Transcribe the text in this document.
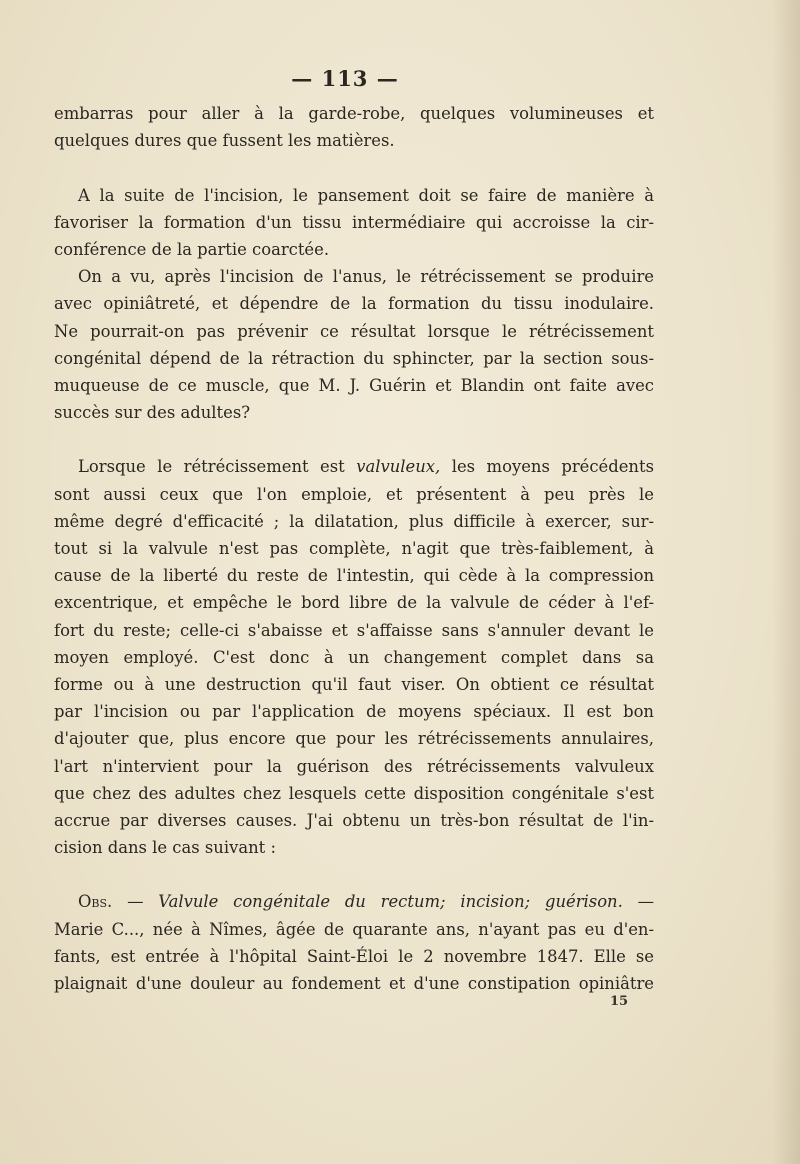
— 113 —
embarras pour aller à la garde-robe, quelques volumineuses et
quelques dures que fussent les matières.
A la suite de l'incision, le pansement doit se faire de manière à
favoriser la formation d'un tissu intermédiaire qui accroisse la cir-
conférence de la partie coarctée.
On a vu, après l'incision de l'anus, le rétrécissement se produire
avec opiniâtreté, et dépendre de la formation du tissu inodulaire.
Ne pourrait-on pas prévenir ce résultat lorsque le rétrécissement
congénital dépend de la rétraction du sphincter, par la section sous-
muqueuse de ce muscle, que M. J. Guérin et Blandin ont faite avec
succès sur des adultes?
Lorsque le rétrécissement est valvuleux, les moyens précédents
sont aussi ceux que l'on emploie, et présentent à peu près le
même degré d'efficacité ; la dilatation, plus difficile à exercer, sur-
tout si la valvule n'est pas complète, n'agit que très-faiblement, à
cause de la liberté du reste de l'intestin, qui cède à la compression
excentrique, et empêche le bord libre de la valvule de céder à l'ef-
fort du reste; celle-ci s'abaisse et s'affaisse sans s'annuler devant le
moyen employé. C'est donc à un changement complet dans sa
forme ou à une destruction qu'il faut viser. On obtient ce résultat
par l'incision ou par l'application de moyens spéciaux. Il est bon
d'ajouter que, plus encore que pour les rétrécissements annulaires,
l'art n'intervient pour la guérison des rétrécissements valvuleux
que chez des adultes chez lesquels cette disposition congénitale s'est
accrue par diverses causes. J'ai obtenu un très-bon résultat de l'in-
cision dans le cas suivant :
Obs. — Valvule congénitale du rectum; incision; guérison. —
Marie C..., née à Nîmes, âgée de quarante ans, n'ayant pas eu d'en-
fants, est entrée à l'hôpital Saint-Éloi le 2 novembre 1847. Elle se
plaignait d'une douleur au fondement et d'une constipation opiniâtre
15
